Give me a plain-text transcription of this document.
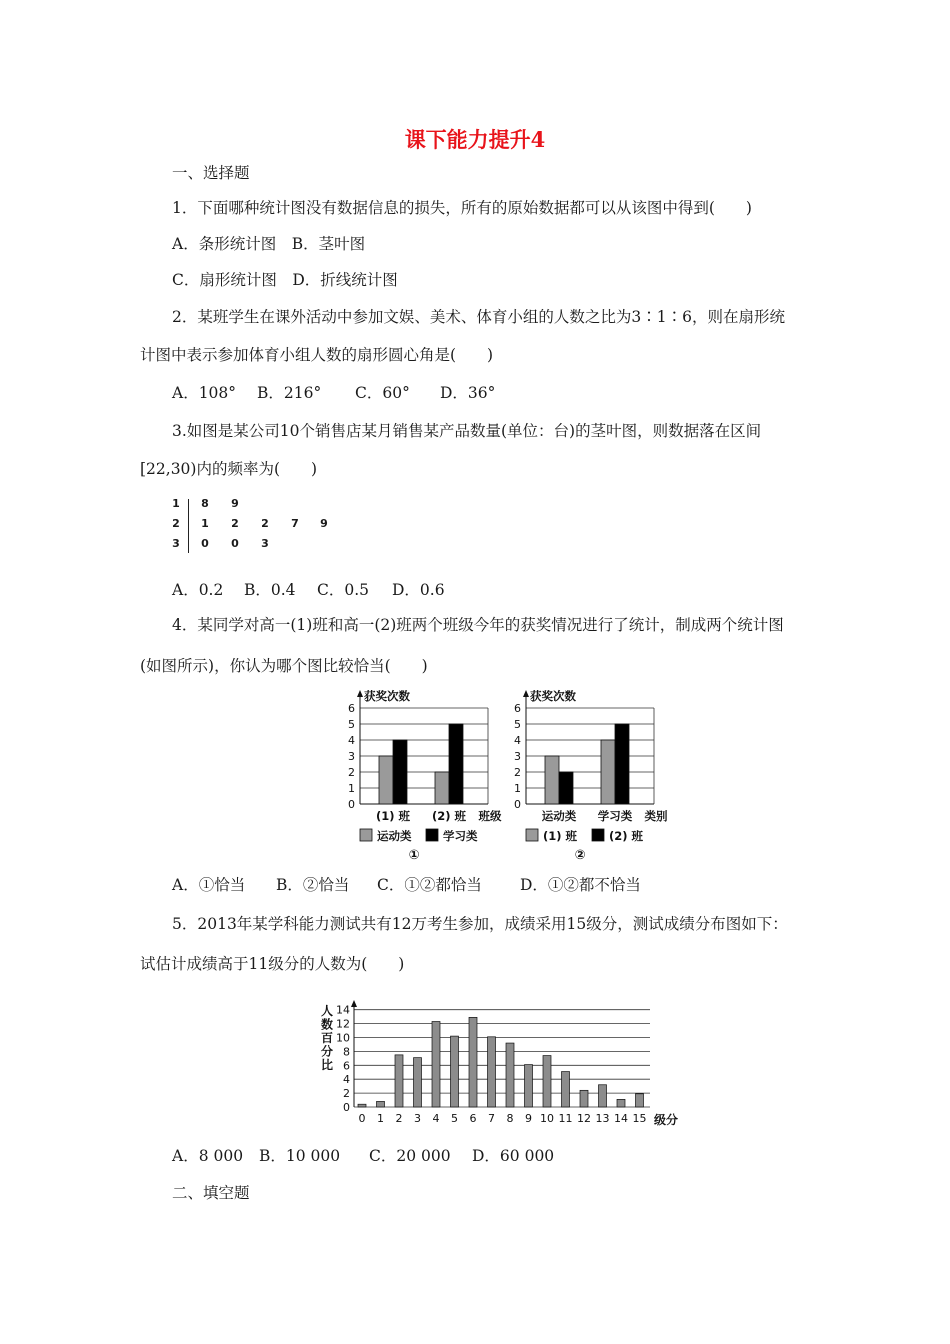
课下能力提升4
一、选择题
1．下面哪种统计图没有数据信息的损失，所有的原始数据都可以从该图中得到(　　)
A．条形统计图　B．茎叶图
C．扇形统计图　D．折线统计图
2．某班学生在课外活动中参加文娱、美术、体育小组的人数之比为3∶1∶6，则在扇形统
计图中表示参加体育小组人数的扇形圆心角是(　　)
A．108° B．216° C．60° D．36°
3.如图是某公司10个销售店某月销售某产品数量(单位：台)的茎叶图，则数据落在区间
[22,30)内的频率为(　　)
1 8 9
2 1 2 2 7 9
3 0 0 3
A．0.2 B．0.4 C．0.5 D．0.6
4．某同学对高一(1)班和高一(2)班两个班级今年的获奖情况进行了统计，制成两个统计图
(如图所示)，你认为哪个图比较恰当(　　)
0
1
2
3
4
5
6
获奖次数
(1) 班 (2) 班 班级
运动类	学习类
①
0
1
2
3
4
5
6
获奖次数
运动类 学习类 类别
(1) 班	(2) 班
②
A．①恰当 B．②恰当 C．①②都恰当 D．①②都不恰当
5．2013年某学科能力测试共有12万考生参加，成绩采用15级分，测试成绩分布图如下：
试估计成绩高于11级分的人数为(　　)
人
数
百
分
比
0
2
4
6
8
10
12
14
0 1 2 3 4 5 6 7 8 9 10 11 12 13 14 15 级分
A．8 000 B．10 000 C．20 000 D．60 000
二、填空题
